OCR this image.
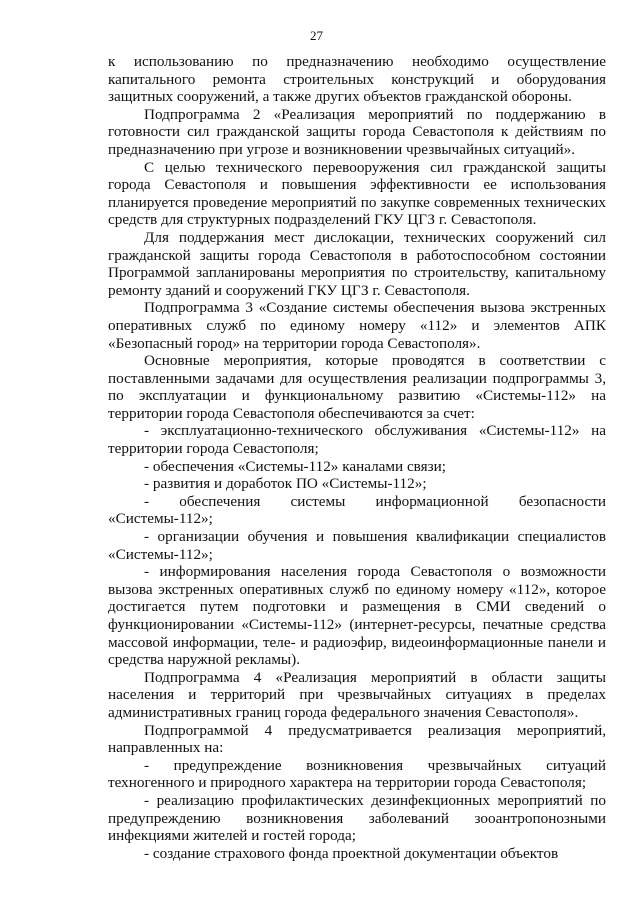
27

к использованию по предназначению необходимо осуществление капитального ремонта строительных конструкций и оборудования защитных сооружений, а также других объектов гражданской обороны.

Подпрограмма 2 «Реализация мероприятий по поддержанию в готовности сил гражданской защиты города Севастополя к действиям по предназначению при угрозе и возникновении чрезвычайных ситуаций».

С целью технического перевооружения сил гражданской защиты города Севастополя и повышения эффективности ее использования планируется проведение мероприятий по закупке современных технических средств для структурных подразделений ГКУ ЦГЗ г. Севастополя.

Для поддержания мест дислокации, технических сооружений сил гражданской защиты города Севастополя в работоспособном состоянии Программой запланированы мероприятия по строительству, капитальному ремонту зданий и сооружений ГКУ ЦГЗ г. Севастополя.

Подпрограмма 3 «Создание системы обеспечения вызова экстренных оперативных служб по единому номеру «112» и элементов АПК «Безопасный город» на территории города Севастополя».

Основные мероприятия, которые проводятся в соответствии с поставленными задачами для осуществления реализации подпрограммы 3, по эксплуатации и функциональному развитию «Системы-112» на территории города Севастополя обеспечиваются за счет:

- эксплуатационно-технического обслуживания «Системы-112» на территории города Севастополя;

- обеспечения «Системы-112» каналами связи;

- развития и доработок ПО «Системы-112»;

- обеспечения системы информационной безопасности «Системы-112»;

- организации обучения и повышения квалификации специалистов «Системы-112»;

- информирования населения города Севастополя о возможности вызова экстренных оперативных служб по единому номеру «112», которое достигается путем подготовки и размещения в СМИ сведений о функционировании «Системы-112» (интернет-ресурсы, печатные средства массовой информации, теле- и радиоэфир, видеоинформационные панели и средства наружной рекламы).

Подпрограмма 4 «Реализация мероприятий в области защиты населения и территорий при чрезвычайных ситуациях в пределах административных границ города федерального значения Севастополя».

Подпрограммой 4 предусматривается реализация мероприятий, направленных на:

- предупреждение возникновения чрезвычайных ситуаций техногенного и природного характера на территории города Севастополя;

- реализацию профилактических дезинфекционных мероприятий по предупреждению возникновения заболеваний зооантропонозными инфекциями жителей и гостей города;

- создание страхового фонда проектной документации объектов
